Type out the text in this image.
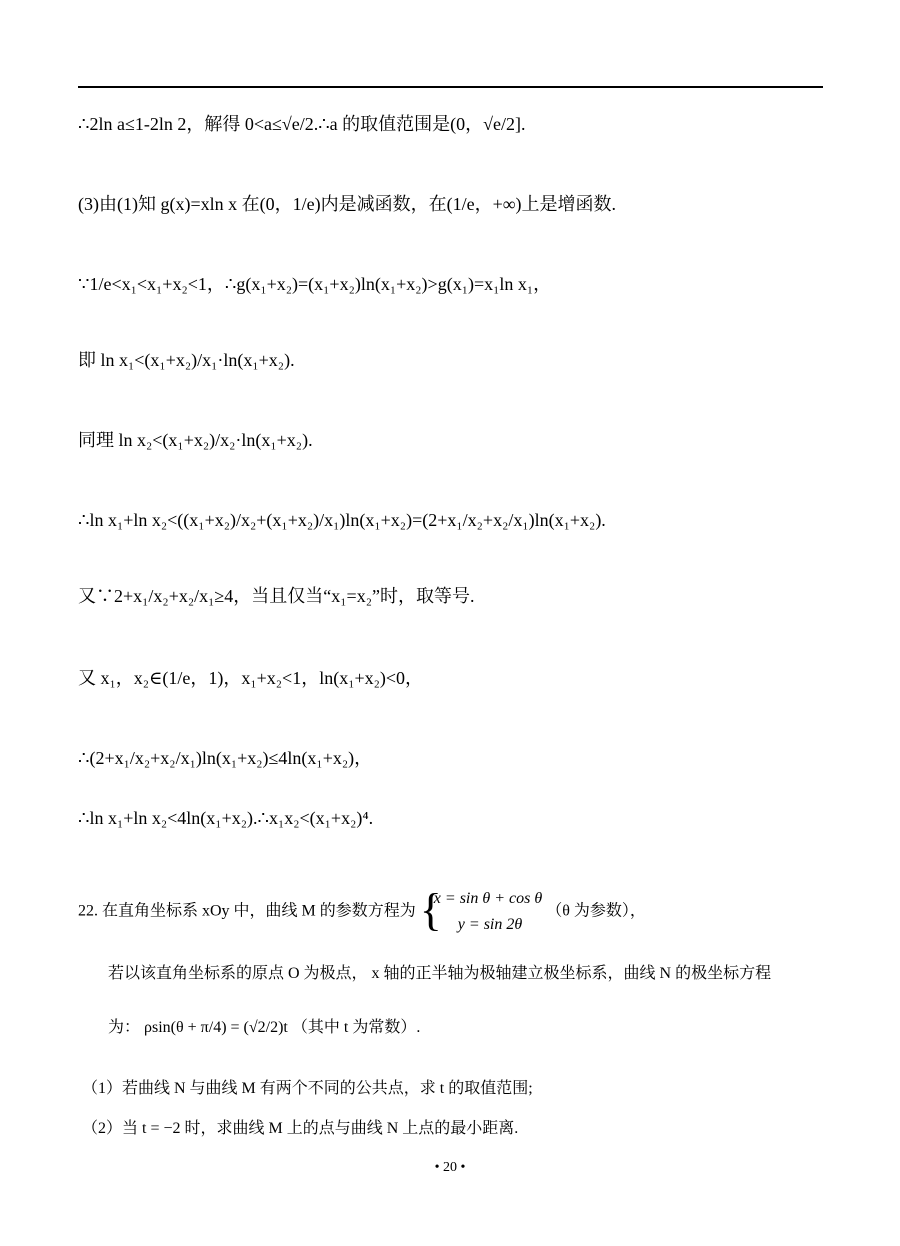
∴2ln a≤1-2ln 2，解得 0<a≤√e/2.∴a 的取值范围是(0，√e/2].
(3)由(1)知 g(x)=xln x 在(0，1/e)内是减函数，在(1/e，+∞)上是增函数.
∵1/e<x₁<x₁+x₂<1，∴g(x₁+x₂)=(x₁+x₂)ln(x₁+x₂)>g(x₁)=x₁ln x₁，
即 ln x₁<(x₁+x₂)/x₁·ln(x₁+x₂).
同理 ln x₂<(x₁+x₂)/x₂·ln(x₁+x₂).
∴ln x₁+ln x₂<((x₁+x₂)/x₂+(x₁+x₂)/x₁)ln(x₁+x₂)=(2+x₁/x₂+x₂/x₁)ln(x₁+x₂).
又∵2+x₁/x₂+x₂/x₁≥4，当且仅当“x₁=x₂”时，取等号.
又 x₁，x₂∈(1/e，1)，x₁+x₂<1，ln(x₁+x₂)<0，
∴(2+x₁/x₂+x₂/x₁)ln(x₁+x₂)≤4ln(x₁+x₂)，
∴ln x₁+ln x₂<4ln(x₁+x₂).∴x₁x₂<(x₁+x₂)⁴.
22. 在直角坐标系 xOy 中，曲线 M 的参数方程为 {
x = sin θ + cos θ
y = sin 2θ
（θ 为参数），
若以该直角坐标系的原点 O 为极点， x 轴的正半轴为极轴建立极坐标系，曲线 N 的极坐标方程
为： ρsin(θ + π/4) = (√2/2)t （其中 t 为常数）.
（1）若曲线 N 与曲线 M 有两个不同的公共点，求 t 的取值范围;
（2）当 t = −2 时，求曲线 M 上的点与曲线 N 上点的最小距离.
• 20 •
